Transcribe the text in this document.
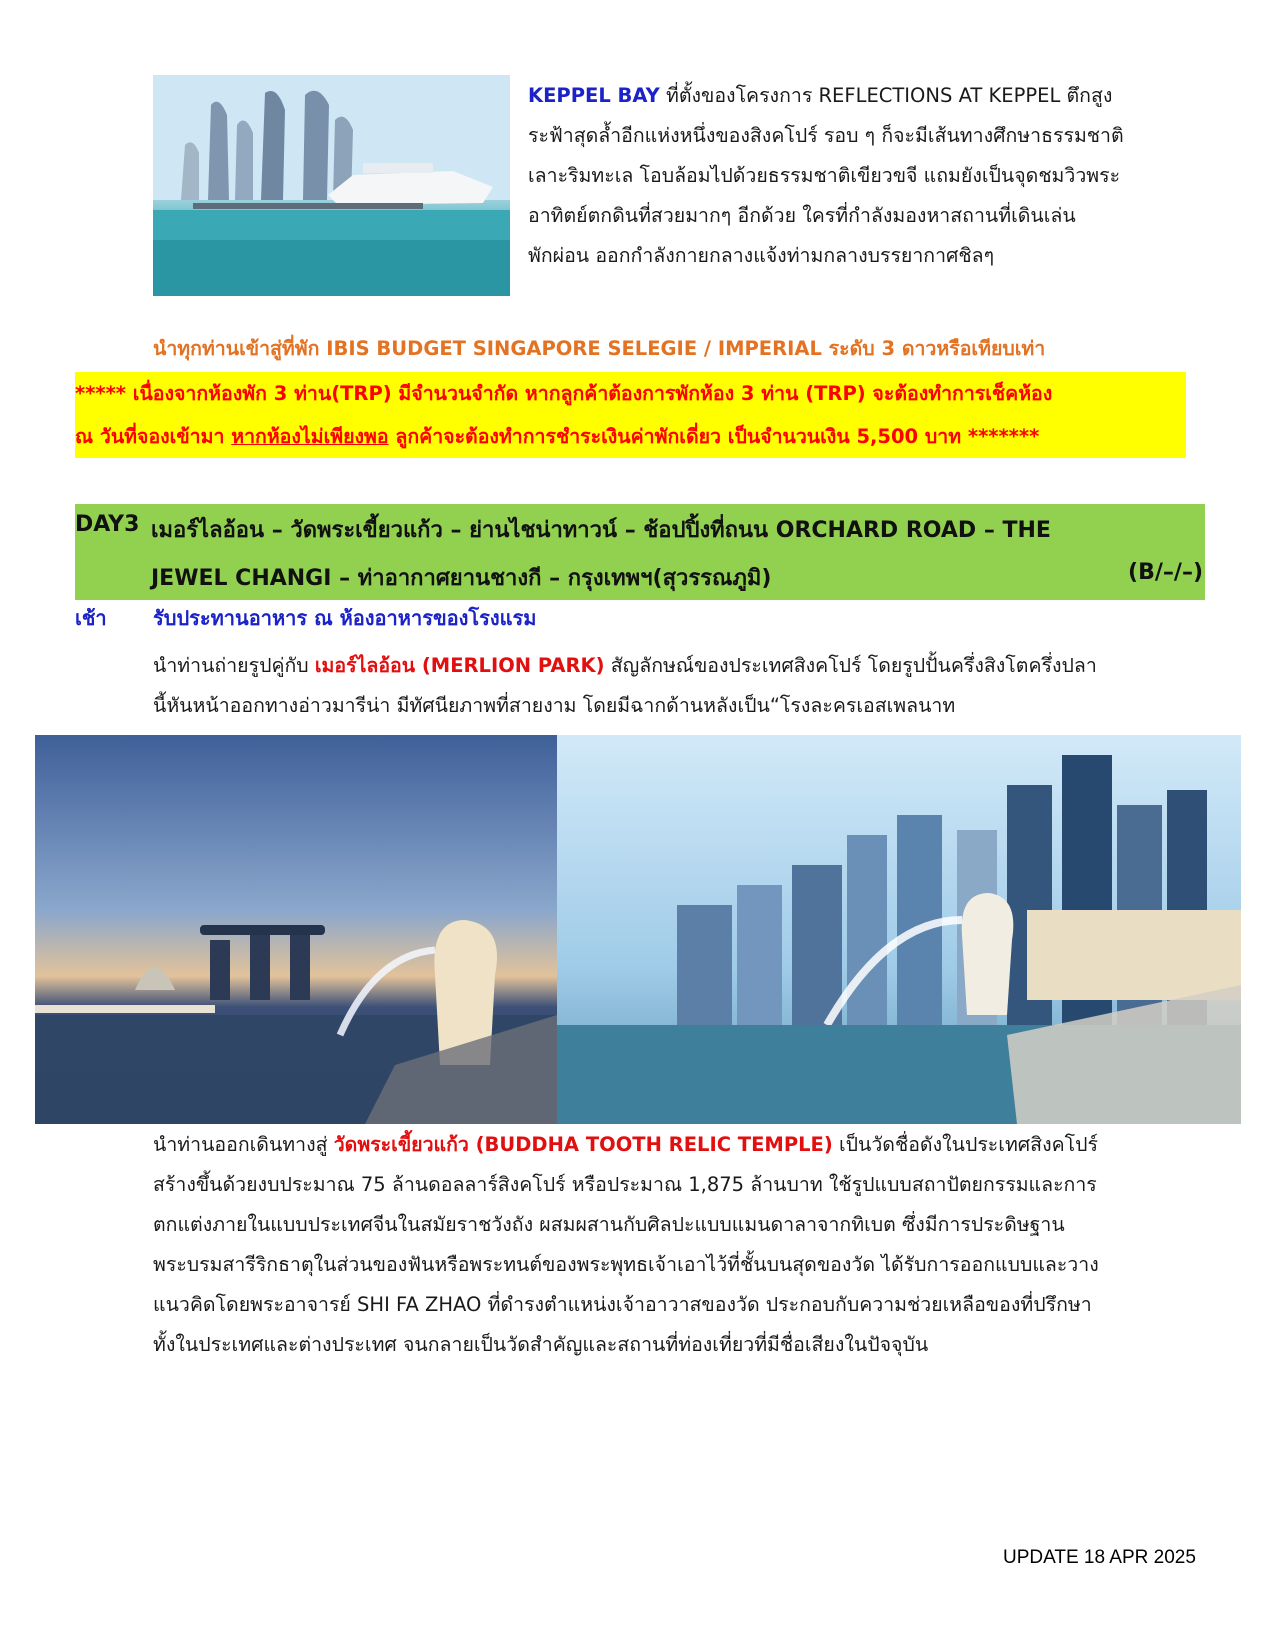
KEPPEL BAY ที่ตั้งของโครงการ REFLECTIONS AT KEPPEL ตึกสูง
ระฟ้าสุดล้ำอีกแห่งหนึ่งของสิงคโปร์ รอบ ๆ ก็จะมีเส้นทางศึกษาธรรมชาติ
เลาะริมทะเล โอบล้อมไปด้วยธรรมชาติเขียวขจี แถมยังเป็นจุดชมวิวพระ
อาทิตย์ตกดินที่สวยมากๆ อีกด้วย ใครที่กำลังมองหาสถานที่เดินเล่น
พักผ่อน ออกกำลังกายกลางแจ้งท่ามกลางบรรยากาศชิลๆ
นำทุกท่านเข้าสู่ที่พัก IBIS BUDGET SINGAPORE SELEGIE / IMPERIAL ระดับ 3 ดาวหรือเทียบเท่า
***** เนื่องจากห้องพัก 3 ท่าน(TRP) มีจำนวนจำกัด หากลูกค้าต้องการพักห้อง 3 ท่าน (TRP) จะต้องทำการเช็คห้อง
ณ วันที่จองเข้ามา หากห้องไม่เพียงพอ ลูกค้าจะต้องทำการชำระเงินค่าพักเดี่ยว เป็นจำนวนเงิน 5,500 บาท *******
DAY3 เมอร์ไลอ้อน – วัดพระเขี้ยวแก้ว – ย่านไชน่าทาวน์ – ช้อปปิ้งที่ถนน ORCHARD ROAD – THE
JEWEL CHANGI – ท่าอากาศยานชางกี – กรุงเทพฯ(สุวรรณภูมิ)	(B/–/–)
เช้า รับประทานอาหาร ณ ห้องอาหารของโรงแรม
นำท่านถ่ายรูปคู่กับ เมอร์ไลอ้อน (MERLION PARK) สัญลักษณ์ของประเทศสิงคโปร์ โดยรูปปั้นครึ่งสิงโตครึ่งปลา
นี้หันหน้าออกทางอ่าวมารีน่า มีทัศนียภาพที่สายงาม โดยมีฉากด้านหลังเป็น“โรงละครเอสเพลนาท
นำท่านออกเดินทางสู่ วัดพระเขี้ยวแก้ว (BUDDHA TOOTH RELIC TEMPLE) เป็นวัดชื่อดังในประเทศสิงคโปร์
สร้างขึ้นด้วยงบประมาณ 75 ล้านดอลลาร์สิงคโปร์ หรือประมาณ 1,875 ล้านบาท ใช้รูปแบบสถาปัตยกรรมและการ
ตกแต่งภายในแบบประเทศจีนในสมัยราชวังถัง ผสมผสานกับศิลปะแบบแมนดาลาจากทิเบต ซึ่งมีการประดิษฐาน
พระบรมสารีริกธาตุในส่วนของฟันหรือพระทนต์ของพระพุทธเจ้าเอาไว้ที่ชั้นบนสุดของวัด ได้รับการออกแบบและวาง
แนวคิดโดยพระอาจารย์ SHI FA ZHAO ที่ดำรงตำแหน่งเจ้าอาวาสของวัด ประกอบกับความช่วยเหลือของที่ปรึกษา
ทั้งในประเทศและต่างประเทศ จนกลายเป็นวัดสำคัญและสถานที่ท่องเที่ยวที่มีชื่อเสียงในปัจจุบัน
UPDATE 18 APR 2025
